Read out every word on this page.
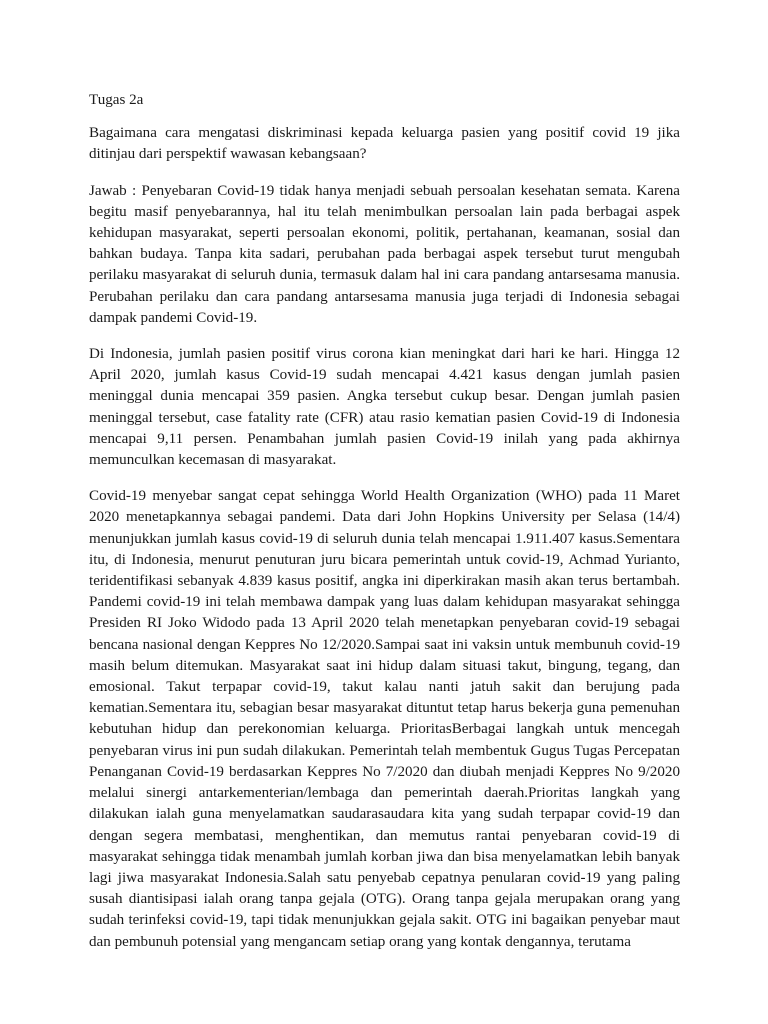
Tugas 2a

Bagaimana cara mengatasi diskriminasi kepada keluarga pasien yang positif covid 19 jika ditinjau dari perspektif wawasan kebangsaan?

Jawab : Penyebaran Covid-19 tidak hanya menjadi sebuah persoalan kesehatan semata. Karena begitu masif penyebarannya, hal itu telah menimbulkan persoalan lain pada berbagai aspek kehidupan masyarakat, seperti persoalan ekonomi, politik, pertahanan, keamanan, sosial dan bahkan budaya. Tanpa kita sadari, perubahan pada berbagai aspek tersebut turut mengubah perilaku masyarakat di seluruh dunia, termasuk dalam hal ini cara pandang antarsesama manusia. Perubahan perilaku dan cara pandang antarsesama manusia juga terjadi di Indonesia sebagai dampak pandemi Covid-19.

Di Indonesia, jumlah pasien positif virus corona kian meningkat dari hari ke hari. Hingga 12 April 2020, jumlah kasus Covid-19 sudah mencapai 4.421 kasus dengan jumlah pasien meninggal dunia mencapai 359 pasien. Angka tersebut cukup besar. Dengan jumlah pasien meninggal tersebut, case fatality rate (CFR) atau rasio kematian pasien Covid-19 di Indonesia mencapai 9,11 persen. Penambahan jumlah pasien Covid-19 inilah yang pada akhirnya memunculkan kecemasan di masyarakat.

Covid-19 menyebar sangat cepat sehingga World Health Organization (WHO) pada 11 Maret 2020 menetapkannya sebagai pandemi. Data dari John Hopkins University per Selasa (14/4) menunjukkan jumlah kasus covid-19 di seluruh dunia telah mencapai 1.911.407 kasus.Sementara itu, di Indonesia, menurut penuturan juru bicara pemerintah untuk covid-19, Achmad Yurianto, teridentifikasi sebanyak 4.839 kasus positif, angka ini diperkirakan masih akan terus bertambah. Pandemi covid-19 ini telah membawa dampak yang luas dalam kehidupan masyarakat sehingga Presiden RI Joko Widodo pada 13 April 2020 telah menetapkan penyebaran covid-19 sebagai bencana nasional dengan Keppres No 12/2020.Sampai saat ini vaksin untuk membunuh covid-19 masih belum ditemukan. Masyarakat saat ini hidup dalam situasi takut, bingung, tegang, dan emosional. Takut terpapar covid-19, takut kalau nanti jatuh sakit dan berujung pada kematian.Sementara itu, sebagian besar masyarakat dituntut tetap harus bekerja guna pemenuhan kebutuhan hidup dan perekonomian keluarga. PrioritasBerbagai langkah untuk mencegah penyebaran virus ini pun sudah dilakukan. Pemerintah telah membentuk Gugus Tugas Percepatan Penanganan Covid-19 berdasarkan Keppres No 7/2020 dan diubah menjadi Keppres No 9/2020 melalui sinergi antarkementerian/lembaga dan pemerintah daerah.Prioritas langkah yang dilakukan ialah guna menyelamatkan saudarasaudara kita yang sudah terpapar covid-19 dan dengan segera membatasi, menghentikan, dan memutus rantai penyebaran covid-19 di masyarakat sehingga tidak menambah jumlah korban jiwa dan bisa menyelamatkan lebih banyak lagi jiwa masyarakat Indonesia.Salah satu penyebab cepatnya penularan covid-19 yang paling susah diantisipasi ialah orang tanpa gejala (OTG). Orang tanpa gejala merupakan orang yang sudah terinfeksi covid-19, tapi tidak menunjukkan gejala sakit. OTG ini bagaikan penyebar maut dan pembunuh potensial yang mengancam setiap orang yang kontak dengannya, terutama
